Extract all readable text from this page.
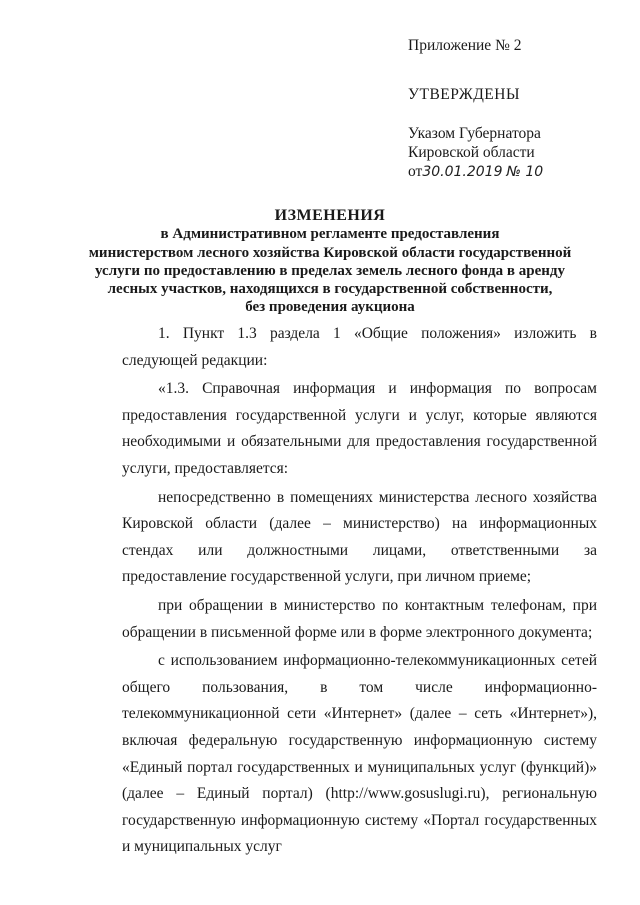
Приложение № 2
УТВЕРЖДЕНЫ
Указом Губернатора
Кировской области
от30.01.2019 № 10
ИЗМЕНЕНИЯ
в Административном регламенте предоставления
министерством лесного хозяйства Кировской области государственной
услуги по предоставлению в пределах земель лесного фонда в аренду
лесных участков, находящихся в государственной собственности,
без проведения аукциона

1. Пункт 1.3 раздела 1 «Общие положения» изложить в следующей редакции:

«1.3. Справочная информация и информация по вопросам предоставления государственной услуги и услуг, которые являются необходимыми и обязательными для предоставления государственной услуги, предоставляется:

непосредственно в помещениях министерства лесного хозяйства Кировской области (далее – министерство) на информационных стендах или должностными лицами, ответственными за предоставление государственной услуги, при личном приеме;

при обращении в министерство по контактным телефонам, при обращении в письменной форме или в форме электронного документа;

с использованием информационно-телекоммуникационных сетей общего пользования, в том числе информационно-телекоммуникационной сети «Интернет» (далее – сеть «Интернет»), включая федеральную государственную информационную систему «Единый портал государственных и муниципальных услуг (функций)» (далее – Единый портал) (http://www.gosuslugi.ru), региональную государственную информационную систему «Портал государственных и муниципальных услуг
